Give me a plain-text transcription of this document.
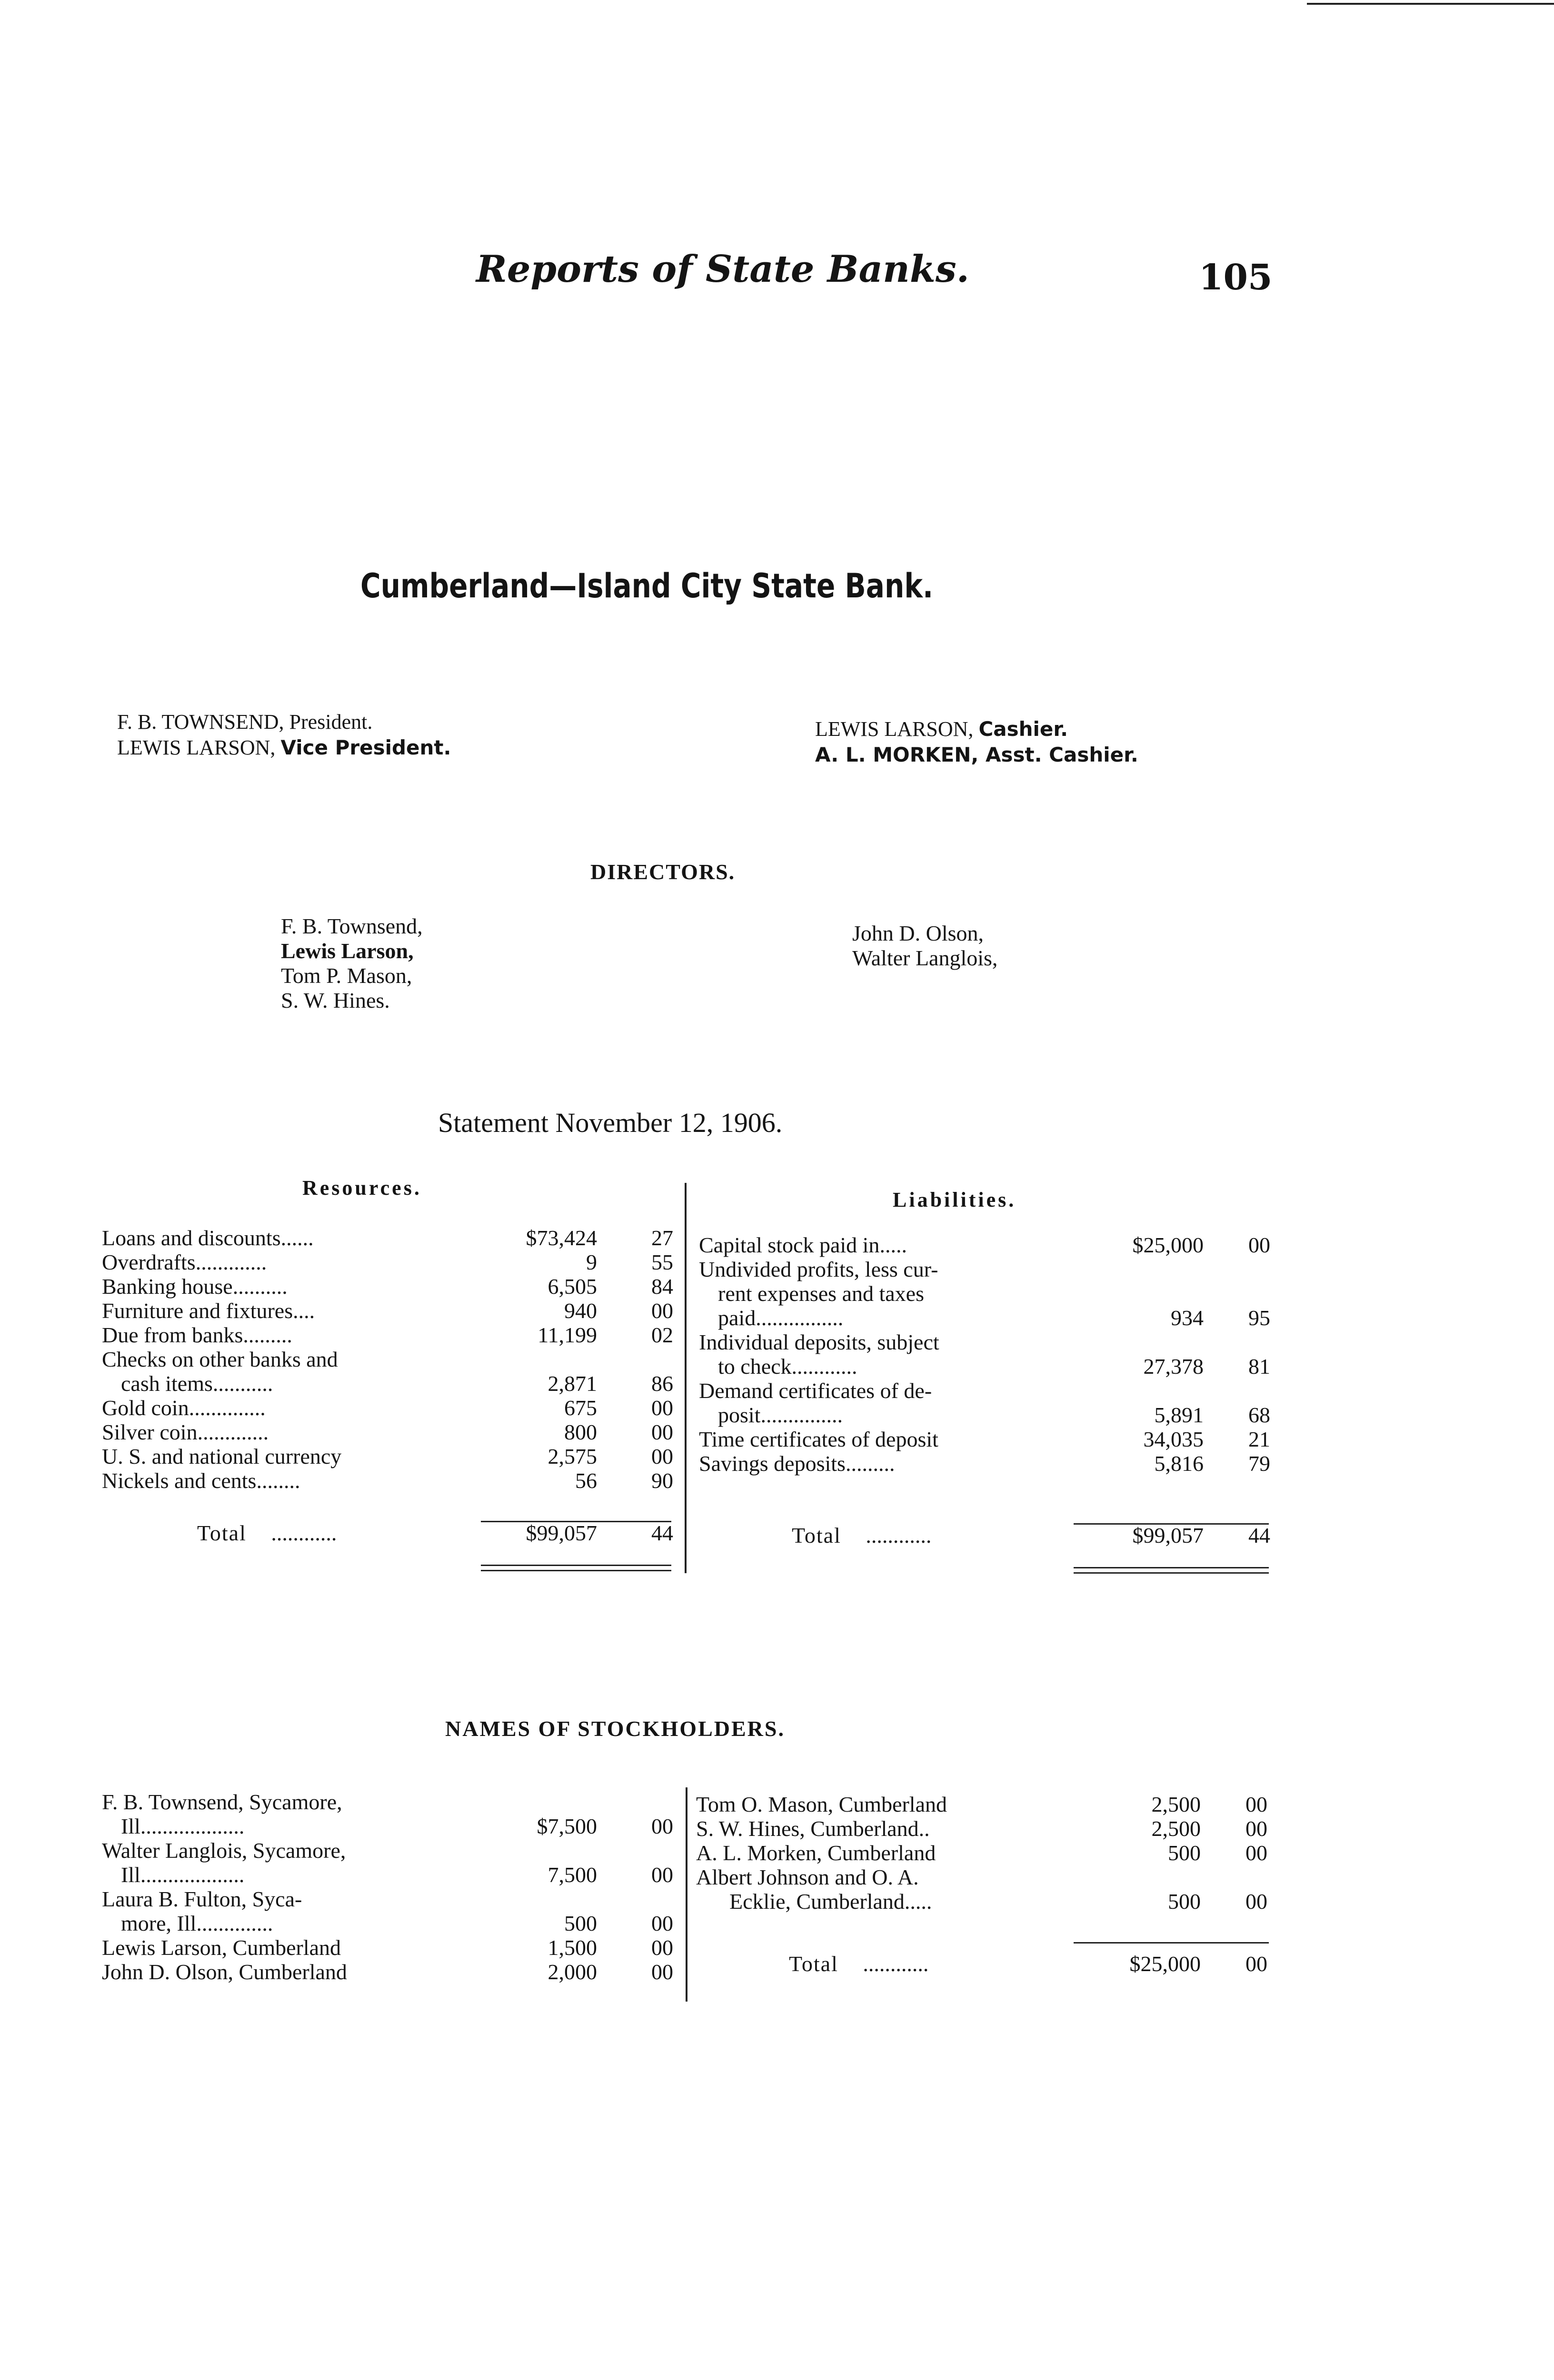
Reports of State Banks.	105
Cumberland—Island City State Bank.
F. B. TOWNSEND, President.
LEWIS LARSON, Vice President.
LEWIS LARSON, Cashier.
A. L. MORKEN, Asst. Cashier.
DIRECTORS.
F. B. Townsend,
Lewis Larson,
Tom P. Mason,
S. W. Hines.
John D. Olson,
Walter Langlois,
Statement November 12, 1906.
Resources.
Liabilities.
Loans and discounts......	$73,424	27
Overdrafts.............	9	55
Banking house..........	6,505	84
Furniture and fixtures....	940	00
Due from banks.........	11,199	02
Checks on other banks and		
cash items...........	2,871	86
Gold coin..............	675	00
Silver coin.............	800	00
U. S. and national currency	2,575	00
Nickels and cents........	56	90
Total ............	$99,057	44
Capital stock paid in.....	$25,000	00
Undivided profits, less cur-		
rent expenses and taxes		
paid................	934	95
Individual deposits, subject		
to check............	27,378	81
Demand certificates of de-		
posit...............	5,891	68
Time certificates of deposit	34,035	21
Savings deposits.........	5,816	79
Total ............	$99,057	44
NAMES OF STOCKHOLDERS.
F. B. Townsend, Sycamore,		
Ill...................	$7,500	00
Walter Langlois, Sycamore,		
Ill...................	7,500	00
Laura B. Fulton, Syca-		
more, Ill..............	500	00
Lewis Larson, Cumberland	1,500	00
John D. Olson, Cumberland	2,000	00
Tom O. Mason, Cumberland	2,500	00
S. W. Hines, Cumberland..	2,500	00
A. L. Morken, Cumberland	500	00
Albert Johnson and O. A.		
Ecklie, Cumberland.....	500	00
Total ............	$25,000	00
